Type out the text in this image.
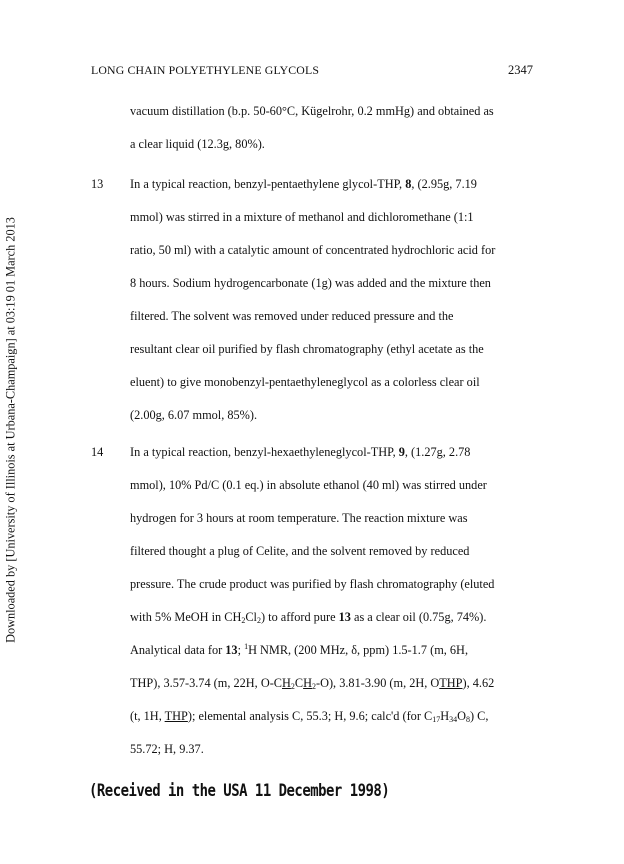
Downloaded by [University of Illinois at Urbana-Champaign] at 03:19 01 March 2013
LONG CHAIN POLYETHYLENE GLYCOLS	2347
vacuum distillation (b.p. 50-60°C, Kügelrohr, 0.2 mmHg) and obtained as
a clear liquid (12.3g, 80%).
13 In a typical reaction, benzyl-pentaethylene glycol-THP, 8, (2.95g, 7.19
mmol) was stirred in a mixture of methanol and dichloromethane (1:1
ratio, 50 ml) with a catalytic amount of concentrated hydrochloric acid for
8 hours. Sodium hydrogencarbonate (1g) was added and the mixture then
filtered. The solvent was removed under reduced pressure and the
resultant clear oil purified by flash chromatography (ethyl acetate as the
eluent) to give monobenzyl-pentaethyleneglycol as a colorless clear oil
(2.00g, 6.07 mmol, 85%).
14 In a typical reaction, benzyl-hexaethyleneglycol-THP, 9, (1.27g, 2.78
mmol), 10% Pd/C (0.1 eq.) in absolute ethanol (40 ml) was stirred under
hydrogen for 3 hours at room temperature. The reaction mixture was
filtered thought a plug of Celite, and the solvent removed by reduced
pressure. The crude product was purified by flash chromatography (eluted
with 5% MeOH in $CH_2Cl_2$) to afford pure 13 as a clear oil (0.75g, 74%).
Analytical data for 13; $^1$H NMR, (200 MHz, δ, ppm) 1.5-1.7 (m, 6H,
THP), 3.57-3.74 (m, 22H, $O-CH_2CH_2-O$), 3.81-3.90 (m, 2H, OTHP), 4.62
(t, 1H, THP); elemental analysis C, 55.3; H, 9.6; calc'd (for $C_{17}H_{34}O_8$) C,
55.72; H, 9.37.
(Received in the USA 11 December 1998)
